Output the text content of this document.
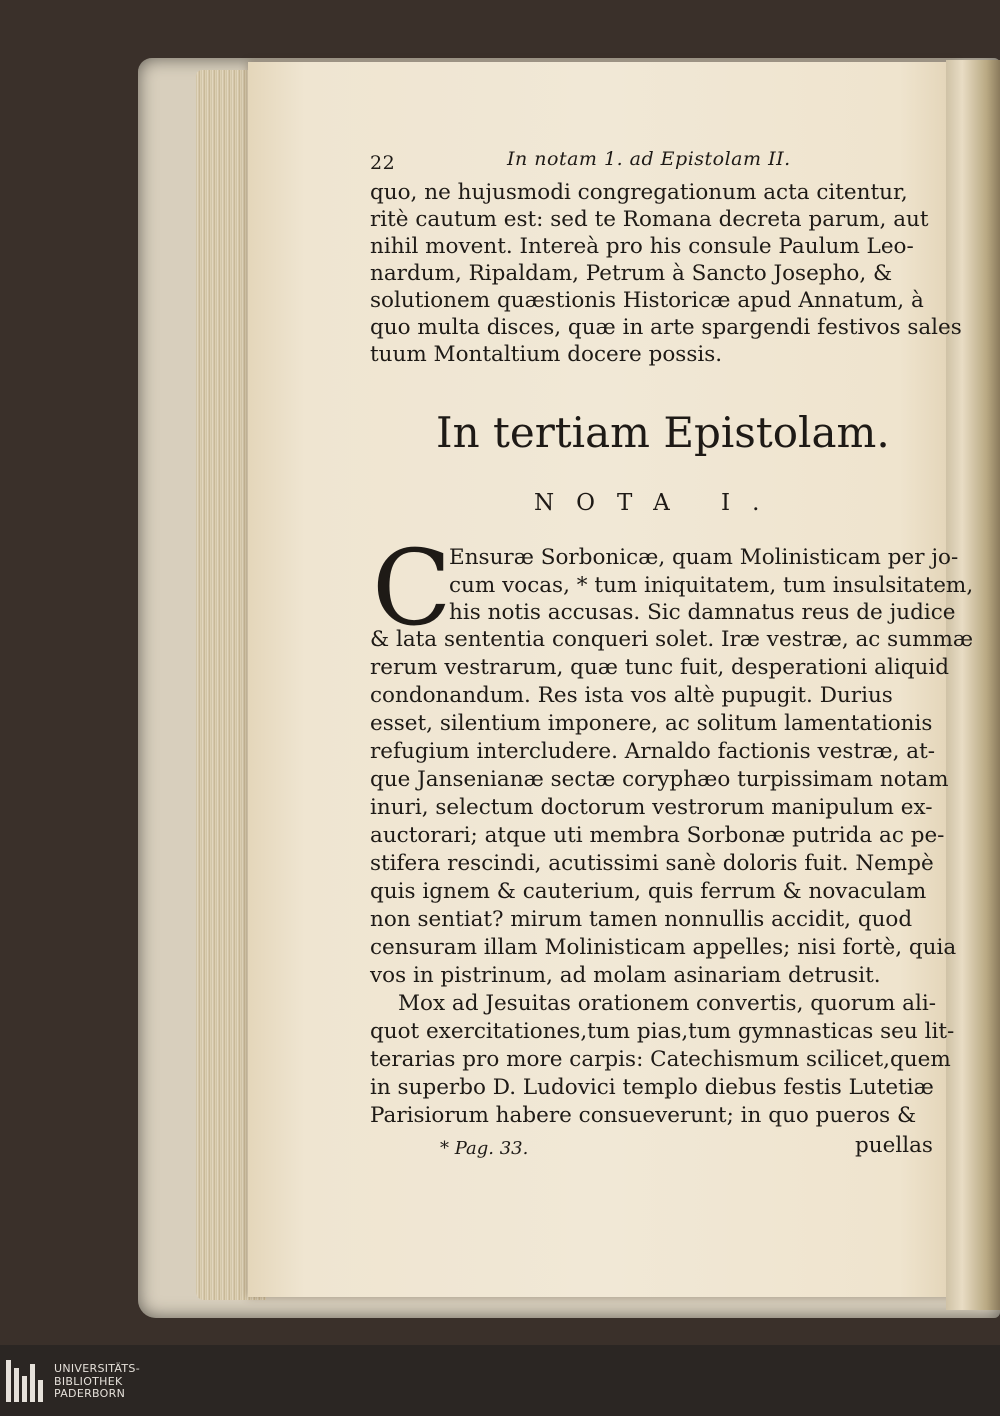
22	In notam 1. ad Epistolam II.
quo, ne hujusmodi congregationum acta citentur,
ritè cautum est: sed te Romana decreta parum, aut
nihil movent. Intereà pro his consule Paulum Leo-
nardum, Ripaldam, Petrum à Sancto Josepho, &
solutionem quæstionis Historicæ apud Annatum, à
quo multa disces, quæ in arte spargendi festivos sales
tuum Montaltium docere possis.
In tertiam Epistolam.
NOTA I.
C
Ensuræ Sorbonicæ, quam Molinisticam per jo-
cum vocas, * tum iniquitatem, tum insulsitatem,
his notis accusas. Sic damnatus reus de judice
& lata sententia conqueri solet. Iræ vestræ, ac summæ
rerum vestrarum, quæ tunc fuit, desperationi aliquid
condonandum. Res ista vos altè pupugit. Durius
esset, silentium imponere, ac solitum lamentationis
refugium intercludere. Arnaldo factionis vestræ, at-
que Jansenianæ sectæ coryphæo turpissimam notam
inuri, selectum doctorum vestrorum manipulum ex-
auctorari; atque uti membra Sorbonæ putrida ac pe-
stifera rescindi, acutissimi sanè doloris fuit. Nempè
quis ignem & cauterium, quis ferrum & novaculam
non sentiat? mirum tamen nonnullis accidit, quod
censuram illam Molinisticam appelles; nisi fortè, quia
vos in pistrinum, ad molam asinariam detrusit.
Mox ad Jesuitas orationem convertis, quorum ali-
quot exercitationes,tum pias,tum gymnasticas seu lit-
terarias pro more carpis: Catechismum scilicet,quem
in superbo D. Ludovici templo diebus festis Lutetiæ
Parisiorum habere consueverunt; in quo pueros &
* Pag. 33.	puellas
UNIVERSITÄTS-
BIBLIOTHEK
PADERBORN
